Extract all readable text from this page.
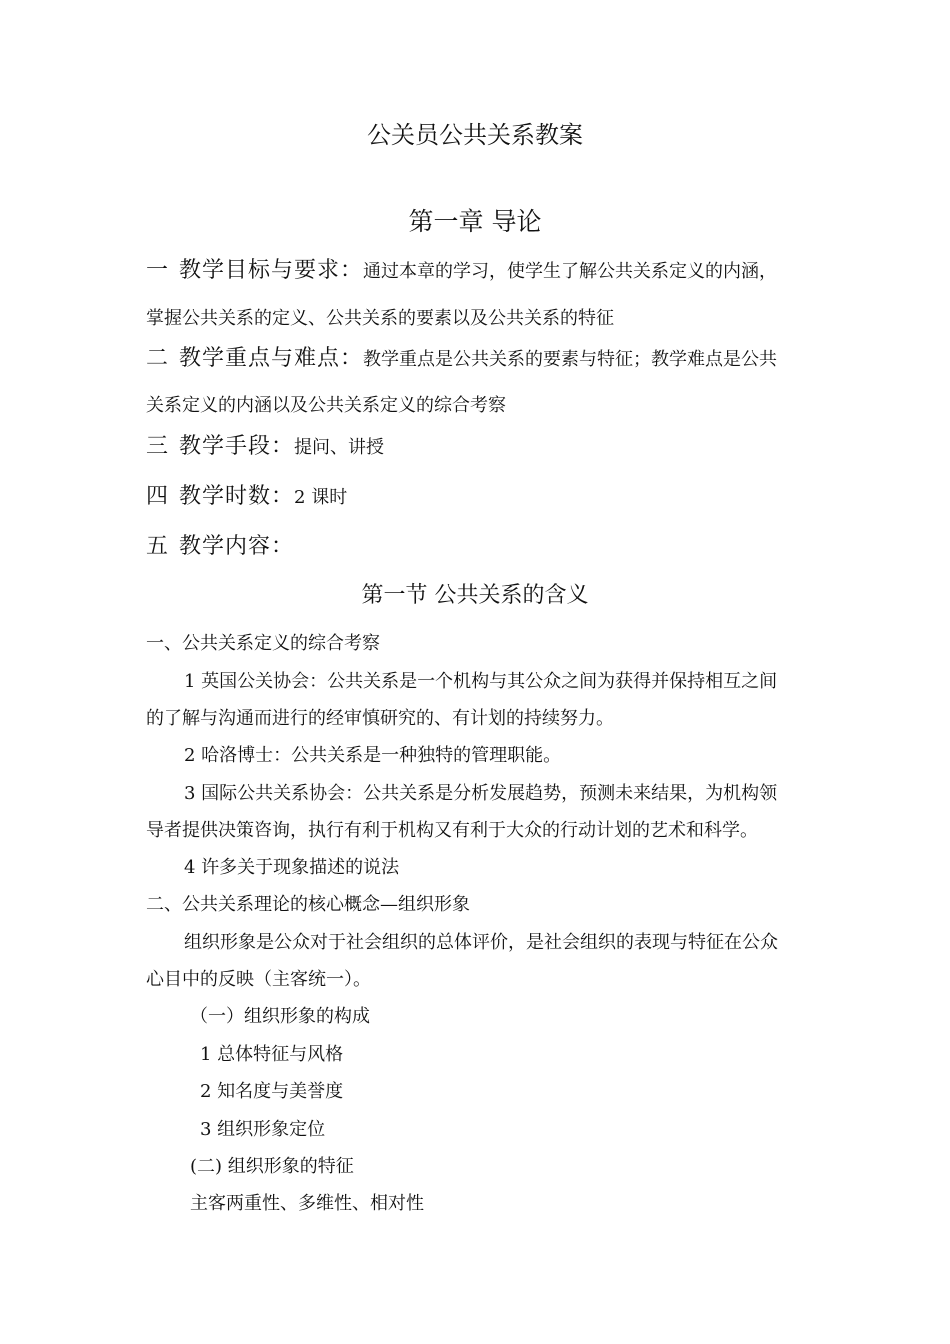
公关员公共关系教案
第一章 导论
一 教学目标与要求：通过本章的学习，使学生了解公共关系定义的内涵，
掌握公共关系的定义、公共关系的要素以及公共关系的特征
二 教学重点与难点：教学重点是公共关系的要素与特征；教学难点是公共
关系定义的内涵以及公共关系定义的综合考察
三 教学手段：提问、讲授
四 教学时数：2 课时
五 教学内容：
第一节 公共关系的含义
一、公共关系定义的综合考察
1 英国公关协会：公共关系是一个机构与其公众之间为获得并保持相互之间
的了解与沟通而进行的经审慎研究的、有计划的持续努力。
2 哈洛博士：公共关系是一种独特的管理职能。
3 国际公共关系协会：公共关系是分析发展趋势，预测未来结果，为机构领
导者提供决策咨询，执行有利于机构又有利于大众的行动计划的艺术和科学。
4 许多关于现象描述的说法
二、公共关系理论的核心概念—组织形象
组织形象是公众对于社会组织的总体评价，是社会组织的表现与特征在公众
心目中的反映（主客统一）。
（一）组织形象的构成
1 总体特征与风格
2 知名度与美誉度
3 组织形象定位
(二) 组织形象的特征
主客两重性、多维性、相对性
